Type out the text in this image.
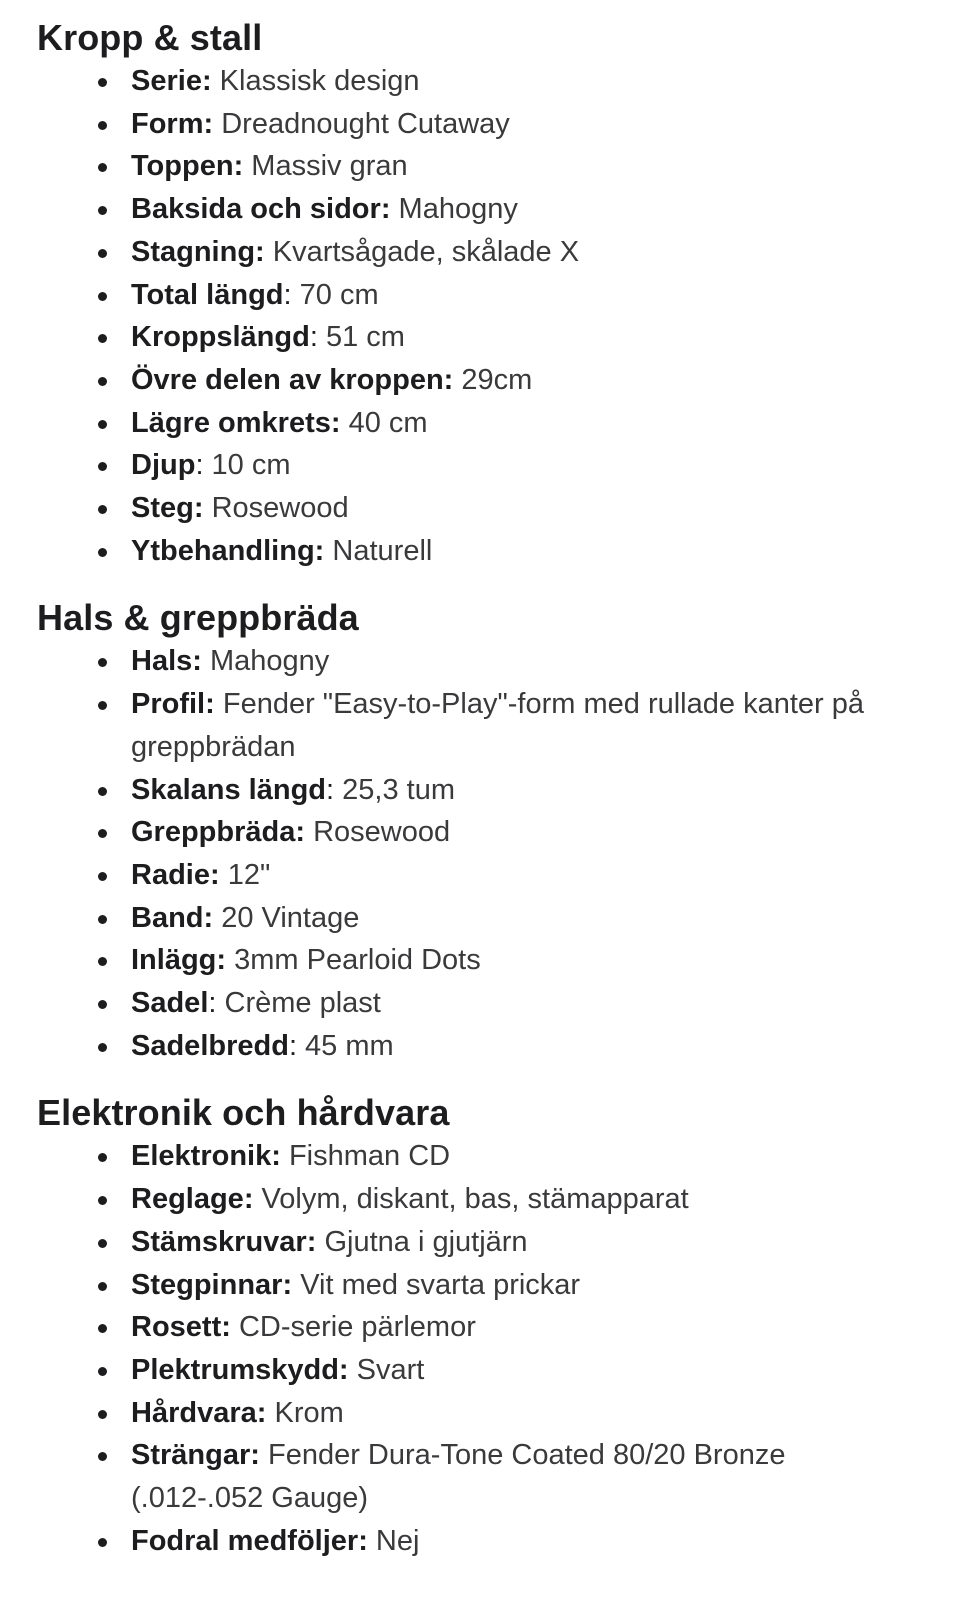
Kropp & stall
Serie: Klassisk design
Form: Dreadnought Cutaway
Toppen: Massiv gran
Baksida och sidor: Mahogny
Stagning: Kvartsågade, skålade X
Total längd: 70 cm
Kroppslängd: 51 cm
Övre delen av kroppen: 29cm
Lägre omkrets: 40 cm
Djup: 10 cm
Steg: Rosewood
Ytbehandling: Naturell
Hals & greppbräda
Hals: Mahogny
Profil: Fender "Easy-to-Play"-form med rullade kanter på greppbrädan
Skalans längd: 25,3 tum
Greppbräda: Rosewood
Radie: 12"
Band: 20 Vintage
Inlägg: 3mm Pearloid Dots
Sadel: Crème plast
Sadelbredd: 45 mm
Elektronik och hårdvara
Elektronik: Fishman CD
Reglage: Volym, diskant, bas, stämapparat
Stämskruvar: Gjutna i gjutjärn
Stegpinnar: Vit med svarta prickar
Rosett: CD-serie pärlemor
Plektrumskydd: Svart
Hårdvara: Krom
Strängar: Fender Dura-Tone Coated 80/20 Bronze (.012-.052 Gauge)
Fodral medföljer: Nej
